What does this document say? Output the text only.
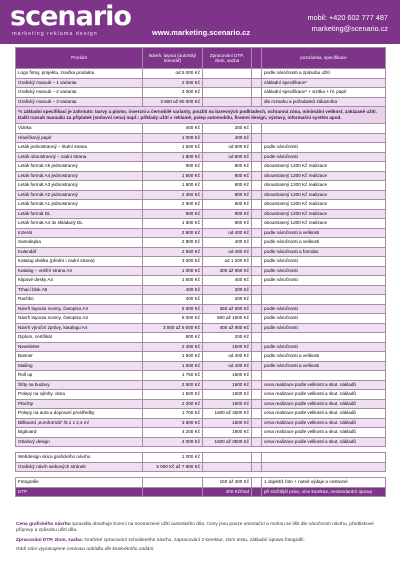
scenario
marketing reklama design	www.marketing.scenario.cz
mobil: +420 602 777 487
marketing@scenario.cz
Produkt	Návrh, layout (autorský honorář)	Zpracování DTP, zlom, sazba		poznámka, specifikace
Logo firmy, projektu, značka produktu	od 5 000 Kč			podle náročnosti a způsobu užití
Grafický manuál – 1 varianta	2 000 Kč			základní specifikace*
Grafický manuál – 2 varianta	3 000 Kč			základní specifikace* + vizitka + hl. papír
Grafický manuál – 3 varianta	3 600 až 80 000 Kč			dle rozsahu a požadavků zákazníka
*v základní specifikaci je zahrnuto: barvy a písmo, inverzní a černobílé varianty, použití na barevných podkladech, ochranná zóna, minimální velikost, zakázané užití. Další rozsah manuálu za příplatek (smluvní cena) např.: příklady užití v reklamě, polep automobilu, firemní design, výstavy, informační systém apod.				
Vizitka	400 Kč	200 Kč		
Hlavičkový papír	1 000 Kč	400 Kč		
Leták jednostranný – titulní strana	1 500 Kč	od 800 Kč		podle náročnosti
Leták oboustranný – zadní strana	1 800 Kč	od 800 Kč		podle náročnosti
Leták formát A5 jednostranný	900 Kč	800 Kč		oboustranný 1200 Kč realizace
Leták formát A4 jednostranný	1 500 Kč	800 Kč		oboustranný 1200 Kč realizace
Leták formát A3 jednostranný	1 800 Kč	800 Kč		oboustranný 1200 Kč realizace
Leták formát A2 jednostranný	2 350 Kč	800 Kč		oboustranný 1200 Kč realizace
Leták formát A1 jednostranný	2 900 Kč	800 Kč		oboustranný 1200 Kč realizace
Leták formát DL	900 Kč	800 Kč		oboustranný 1200 Kč realizace
Leták formát A4 3x skládaný DL	1 600 Kč	800 Kč		oboustranný 1200 Kč realizace
Inzerát	2 800 Kč	od 400 Kč		podle náročnosti a velikosti
Samolepka	2 800 Kč	400 Kč		podle náročnosti a velikosti
Kalendář	2 500 Kč	od 400 Kč		podle náročnosti a formátu
Katalog obálka (přední i zadní strana)	3 000 Kč	od 1 200 Kč		podle náročnosti
Katalog – vnitřní strana A4	1 000 Kč	400 až 900 Kč		podle náročnosti
Klipové desky A4	1 500 Kč	400 Kč		podle náročnosti
Trhací blok A5	400 Kč	200 Kč		
Razítko	400 Kč	200 Kč		
Návrh layoutu noviny, časopisu A4	5 000 Kč	350 až 600 Kč		podle náročnosti
Návrh layoutu noviny, časopisu A3	5 000 Kč	800 až 1800 Kč		podle náročnosti
Návrh výroční zprávy, katalogu A4	3 000 až 5 000 Kč	400 až 900 Kč		podle náročnosti
Diplom, certifikát	800 Kč	200 Kč		
Newsletter	2 400 Kč	1600 Kč		podle náročnosti
Banner	1 500 Kč	od 400 Kč		podle náročnosti a velikosti
Mailing	1 500 Kč	od 400 Kč		podle náročnosti a velikosti
Roll up	1 750 Kč	1600 Kč		
Štíty na budovy	2 500 Kč	1600 Kč		cena realizace podle velikosti a skut. nákladů
Polepy na výlohy, okna	1 500 Kč	1600 Kč		cena realizace podle velikosti a skut. nákladů
Plachty	2 200 Kč	1600 Kč		cena realizace podle velikosti a skut. nákladů
Polepy na auta a dopravní prostředky	1 700 Kč	1600 až 3500 Kč		cena realizace podle velikosti a skut. nákladů
Billboard „euroformát“ /5,1 x 2,4 m/	3 500 Kč	1600 Kč		cena realizace podle velikosti a skut. nákladů
Bigboard	4 200 Kč	1600 Kč		cena realizace podle velikosti a skut. nákladů
Obalový design	4 000 Kč	1600 až 3500 Kč		cena realizace podle velikosti a skut. nákladů

Webdesign skica grafického návrhu	1 000 Kč			
Grafický návrh webových stránek	5 000 Kč až 7 900 Kč			

Fotografie		150 až 400 Kč		1 objekt/1 foto + nutné výdaje a cestovné
DTP		400 Kč/hod		při složitější práci, více korektur, nestandardní úpravy

Cena grafického návrhu zpravidla obsahuje licenci na neomezené užití autorského díla. Ceny jsou pouze orientační a mohou se lišit dle náročnosti návrhu, předtiskové přípravy a způsobu užití díla.

Zpracování DTP, zlom, sazba: Grafické zpracování schváleného návrhu, zapracování 2 korektur, zlom textu, základní úprava fotografií.

Rádi Vám vypracujeme cenovou nabídku dle konkrétního zadání.
